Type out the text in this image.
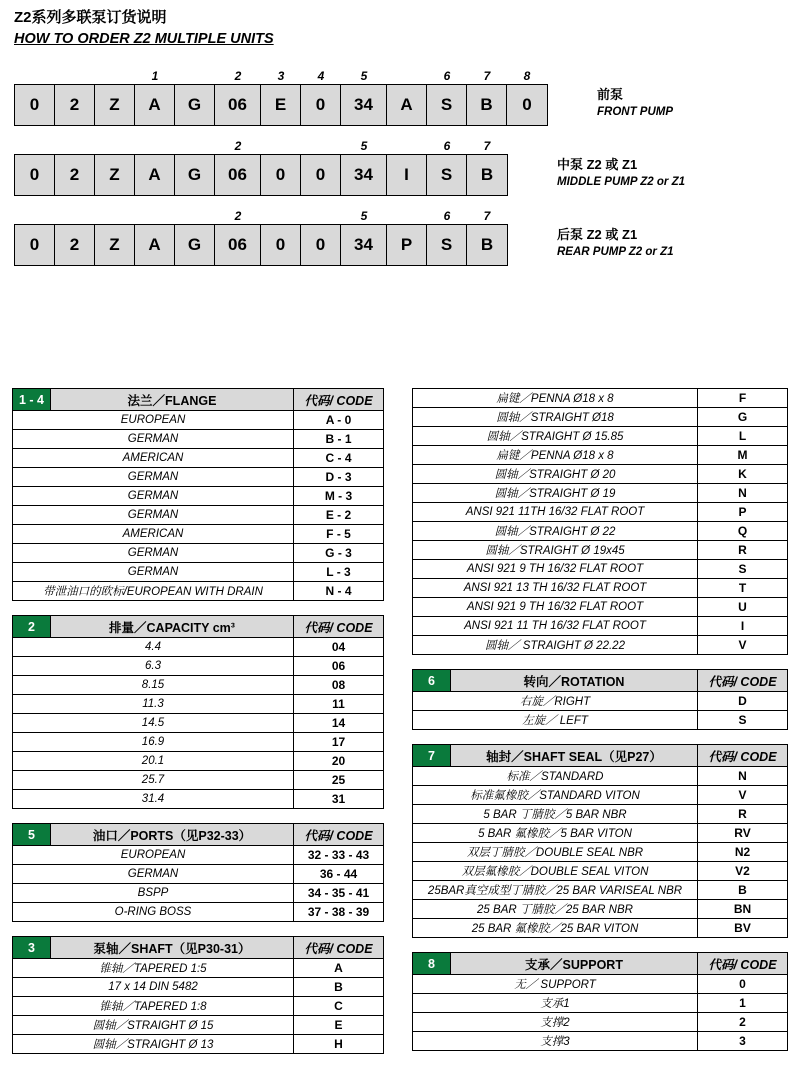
Z2系列多联泵订货说明
HOW TO ORDER Z2 MULTIPLE UNITS
1	2	3	4	5	6	7	8
0	2	Z	A	G	06	E	0	34	A	S	B	0
前泵
FRONT PUMP
2	5	6	7
0	2	Z	A	G	06	0	0	34	I	S	B
中泵 Z2 或 Z1
MIDDLE PUMP Z2 or Z1
2	5	6	7
0	2	Z	A	G	06	0	0	34	P	S	B
后泵 Z2 或 Z1
REAR PUMP Z2 or Z1
1 - 4	法兰／FLANGE	代码/ CODE
EUROPEAN		A - 0
GERMAN		B - 1
AMERICAN		C - 4
GERMAN		D - 3
GERMAN		M - 3
GERMAN		E - 2
AMERICAN		F - 5
GERMAN		G - 3
GERMAN		L - 3
带泄油口的欧标/EUROPEAN WITH DRAIN		N - 4
2	排量／CAPACITY cm³	代码/ CODE
4.4		04
6.3		06
8.15		08
11.3		11
14.5		14
16.9		17
20.1		20
25.7		25
31.4		31
5	油口／PORTS（见P32-33）	代码/ CODE
EUROPEAN		32 - 33 - 43
GERMAN		36 - 44
BSPP		34 - 35 - 41
O-RING BOSS		37 - 38 - 39
3	泵轴／SHAFT（见P30-31）	代码/ CODE
锥轴／TAPERED 1:5		A
17 x 14 DIN 5482		B
锥轴／TAPERED 1:8		C
圆轴／STRAIGHT Ø 15		E
圆轴／STRAIGHT Ø 13		H
扁键／PENNA Ø18 x 8	F
圆轴／STRAIGHT Ø18	G
圆轴／STRAIGHT Ø 15.85	L
扁键／PENNA Ø18 x 8	M
圆轴／STRAIGHT Ø 20	K
圆轴／STRAIGHT Ø 19	N
ANSI 921 11TH 16/32 FLAT ROOT	P
圆轴／STRAIGHT Ø 22	Q
圆轴／STRAIGHT Ø 19x45	R
ANSI 921 9 TH 16/32 FLAT ROOT	S
ANSI 921 13 TH 16/32 FLAT ROOT	T
ANSI 921 9 TH 16/32 FLAT ROOT	U
ANSI 921 11 TH 16/32 FLAT ROOT	I
圆轴／ STRAIGHT Ø 22.22	V
6	转向／ROTATION	代码/ CODE
右旋／RIGHT		D
左旋／ LEFT		S
7	轴封／SHAFT SEAL（见P27）	代码/ CODE
标准／STANDARD		N
标准氟橡胶／STANDARD VITON		V
5 BAR 丁腈胶／5 BAR NBR		R
5 BAR 氟橡胶／5 BAR VITON		RV
双层丁腈胶／DOUBLE SEAL NBR		N2
双层氟橡胶／DOUBLE SEAL VITON		V2
25BAR真空成型丁腈胶／25 BAR VARISEAL NBR		B
25 BAR 丁腈胶／25 BAR NBR		BN
25 BAR 氟橡胶／25 BAR VITON		BV
8	支承／SUPPORT	代码/ CODE
无／ SUPPORT		0
支承1		1
支撑2		2
支撑3		3
